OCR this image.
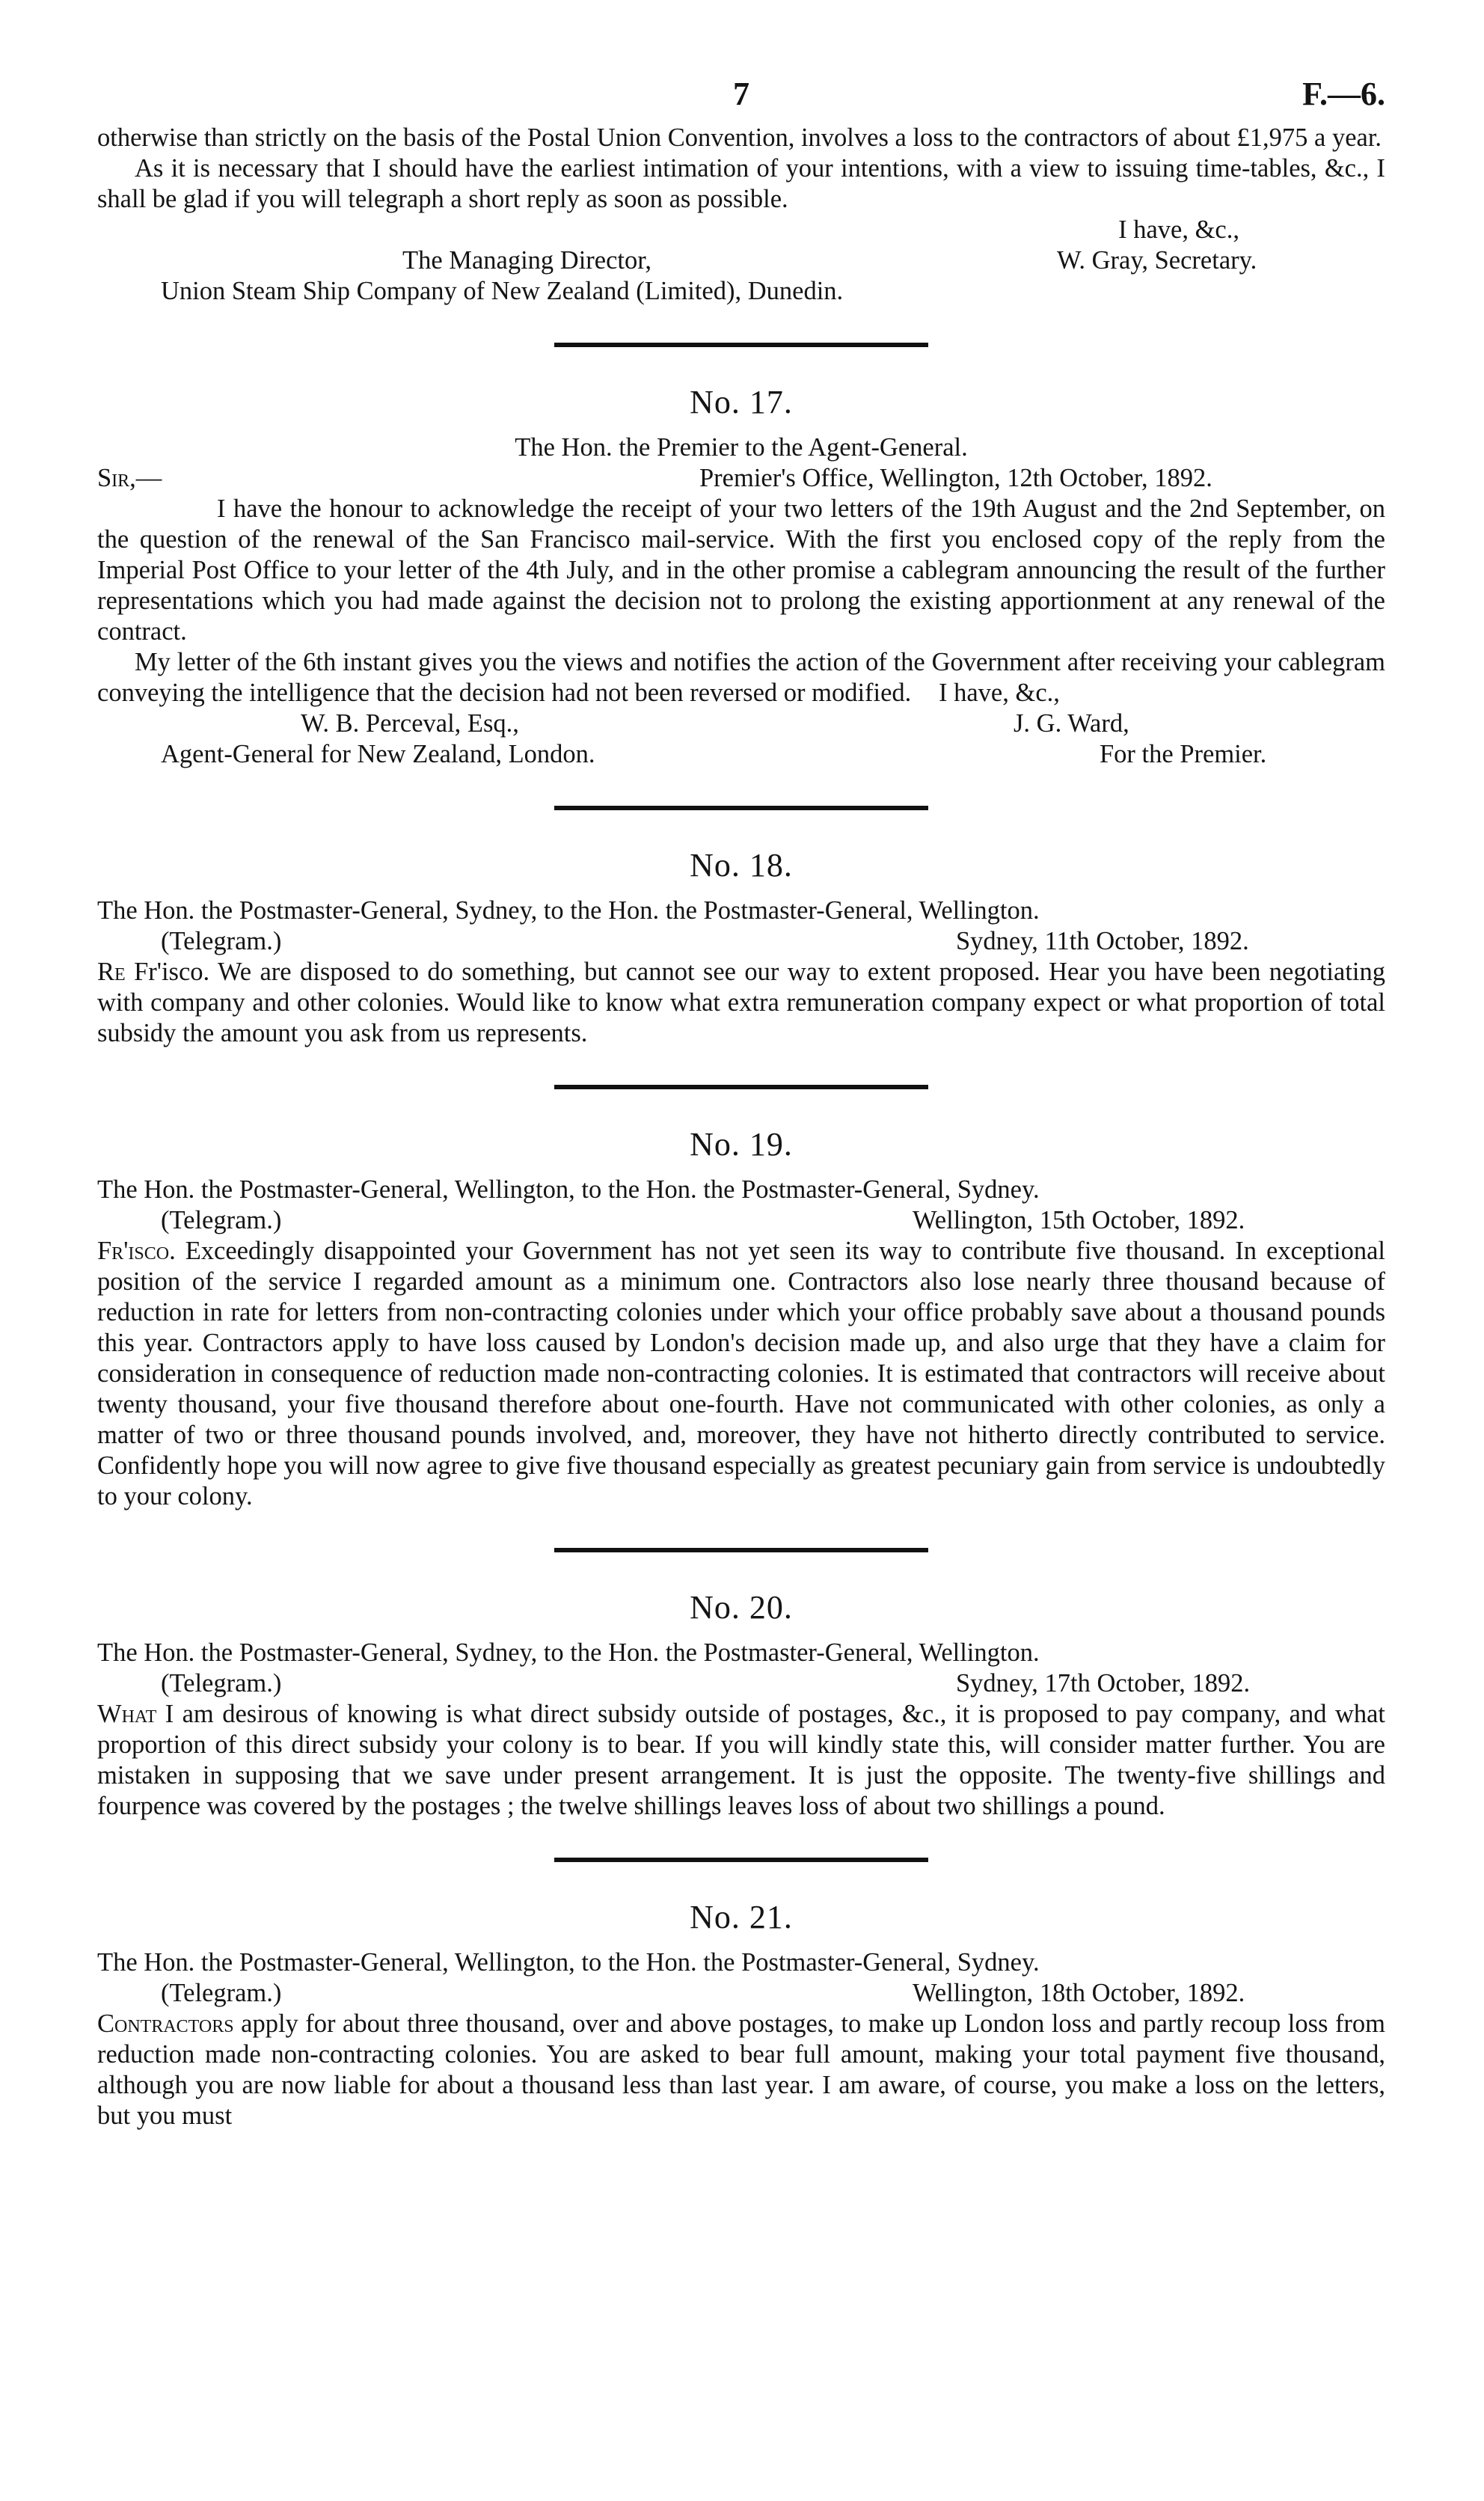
7	F.—6.

otherwise than strictly on the basis of the Postal Union Convention, involves a loss to the contractors of about £1,975 a year.

As it is necessary that I should have the earliest intimation of your intentions, with a view to issuing time-tables, &c., I shall be glad if you will telegraph a short reply as soon as possible.

I have, &c.,

The Managing Director,	W. Gray, Secretary.
Union Steam Ship Company of New Zealand (Limited), Dunedin.
No. 17.
The Hon. the Premier to the Agent-General.
Sir,—	Premier's Office, Wellington, 12th October, 1892.

I have the honour to acknowledge the receipt of your two letters of the 19th August and the 2nd September, on the question of the renewal of the San Francisco mail-service. With the first you enclosed copy of the reply from the Imperial Post Office to your letter of the 4th July, and in the other promise a cablegram announcing the result of the further representations which you had made against the decision not to prolong the existing apportionment at any renewal of the contract.

My letter of the 6th instant gives you the views and notifies the action of the Government after receiving your cablegram conveying the intelligence that the decision had not been reversed or modified.	I have, &c.,
W. B. Perceval, Esq.,	J. G. Ward,
Agent-General for New Zealand, London.	For the Premier.
No. 18.
The Hon. the Postmaster-General, Sydney, to the Hon. the Postmaster-General, Wellington.
(Telegram.)	Sydney, 11th October, 1892.

Re Fr'isco. We are disposed to do something, but cannot see our way to extent proposed. Hear you have been negotiating with company and other colonies. Would like to know what extra remuneration company expect or what proportion of total subsidy the amount you ask from us represents.

No. 19.
The Hon. the Postmaster-General, Wellington, to the Hon. the Postmaster-General, Sydney.
(Telegram.)	Wellington, 15th October, 1892.

Fr'isco. Exceedingly disappointed your Government has not yet seen its way to contribute five thousand. In exceptional position of the service I regarded amount as a minimum one. Contractors also lose nearly three thousand because of reduction in rate for letters from non-contracting colonies under which your office probably save about a thousand pounds this year. Contractors apply to have loss caused by London's decision made up, and also urge that they have a claim for consideration in consequence of reduction made non-contracting colonies. It is estimated that contractors will receive about twenty thousand, your five thousand therefore about one-fourth. Have not communicated with other colonies, as only a matter of two or three thousand pounds involved, and, moreover, they have not hitherto directly contributed to service. Confidently hope you will now agree to give five thousand especially as greatest pecuniary gain from service is undoubtedly to your colony.

No. 20.
The Hon. the Postmaster-General, Sydney, to the Hon. the Postmaster-General, Wellington.
(Telegram.)	Sydney, 17th October, 1892.

What I am desirous of knowing is what direct subsidy outside of postages, &c., it is proposed to pay company, and what proportion of this direct subsidy your colony is to bear. If you will kindly state this, will consider matter further. You are mistaken in supposing that we save under present arrangement. It is just the opposite. The twenty-five shillings and fourpence was covered by the postages ; the twelve shillings leaves loss of about two shillings a pound.

No. 21.
The Hon. the Postmaster-General, Wellington, to the Hon. the Postmaster-General, Sydney.
(Telegram.)	Wellington, 18th October, 1892.

Contractors apply for about three thousand, over and above postages, to make up London loss and partly recoup loss from reduction made non-contracting colonies. You are asked to bear full amount, making your total payment five thousand, although you are now liable for about a thousand less than last year. I am aware, of course, you make a loss on the letters, but you must
